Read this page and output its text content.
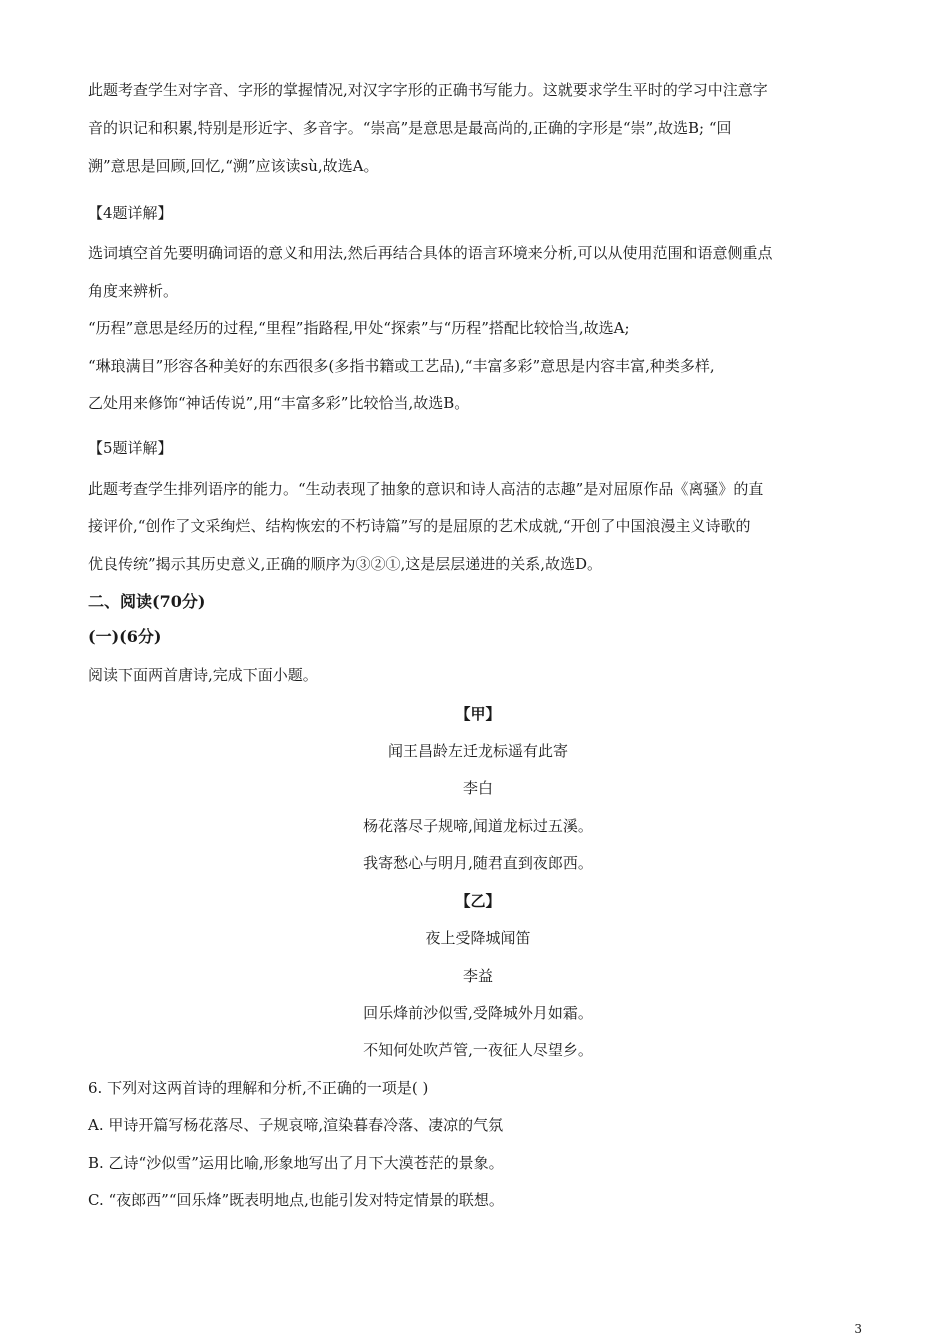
此题考查学生对字音、字形的掌握情况,对汉字字形的正确书写能力。这就要求学生平时的学习中注意字
音的识记和积累,特别是形近字、多音字。“崇高”是意思是最高尚的,正确的字形是“崇”,故选B; “回
溯”意思是回顾,回忆,“溯”应该读sù,故选A。
【4题详解】
选词填空首先要明确词语的意义和用法,然后再结合具体的语言环境来分析,可以从使用范围和语意侧重点
角度来辨析。
“历程”意思是经历的过程,“里程”指路程,甲处“探索”与“历程”搭配比较恰当,故选A;
“琳琅满目”形容各种美好的东西很多(多指书籍或工艺品),“丰富多彩”意思是内容丰富,种类多样,
乙处用来修饰“神话传说”,用“丰富多彩”比较恰当,故选B。
【5题详解】
此题考查学生排列语序的能力。“生动表现了抽象的意识和诗人高洁的志趣”是对屈原作品《离骚》的直
接评价,“创作了文采绚烂、结构恢宏的不朽诗篇”写的是屈原的艺术成就,“开创了中国浪漫主义诗歌的
优良传统”揭示其历史意义,正确的顺序为③②①,这是层层递进的关系,故选D。
二、阅读(70分)
(一)(6分)
阅读下面两首唐诗,完成下面小题。
【甲】
闻王昌龄左迁龙标遥有此寄
李白
杨花落尽子规啼,闻道龙标过五溪。
我寄愁心与明月,随君直到夜郎西。
【乙】
夜上受降城闻笛
李益
回乐烽前沙似雪,受降城外月如霜。
不知何处吹芦管,一夜征人尽望乡。
6. 下列对这两首诗的理解和分析,不正确的一项是( )
A. 甲诗开篇写杨花落尽、子规哀啼,渲染暮春冷落、凄凉的气氛
B. 乙诗“沙似雪”运用比喻,形象地写出了月下大漠苍茫的景象。
C. “夜郎西”“回乐烽”既表明地点,也能引发对特定情景的联想。
3
